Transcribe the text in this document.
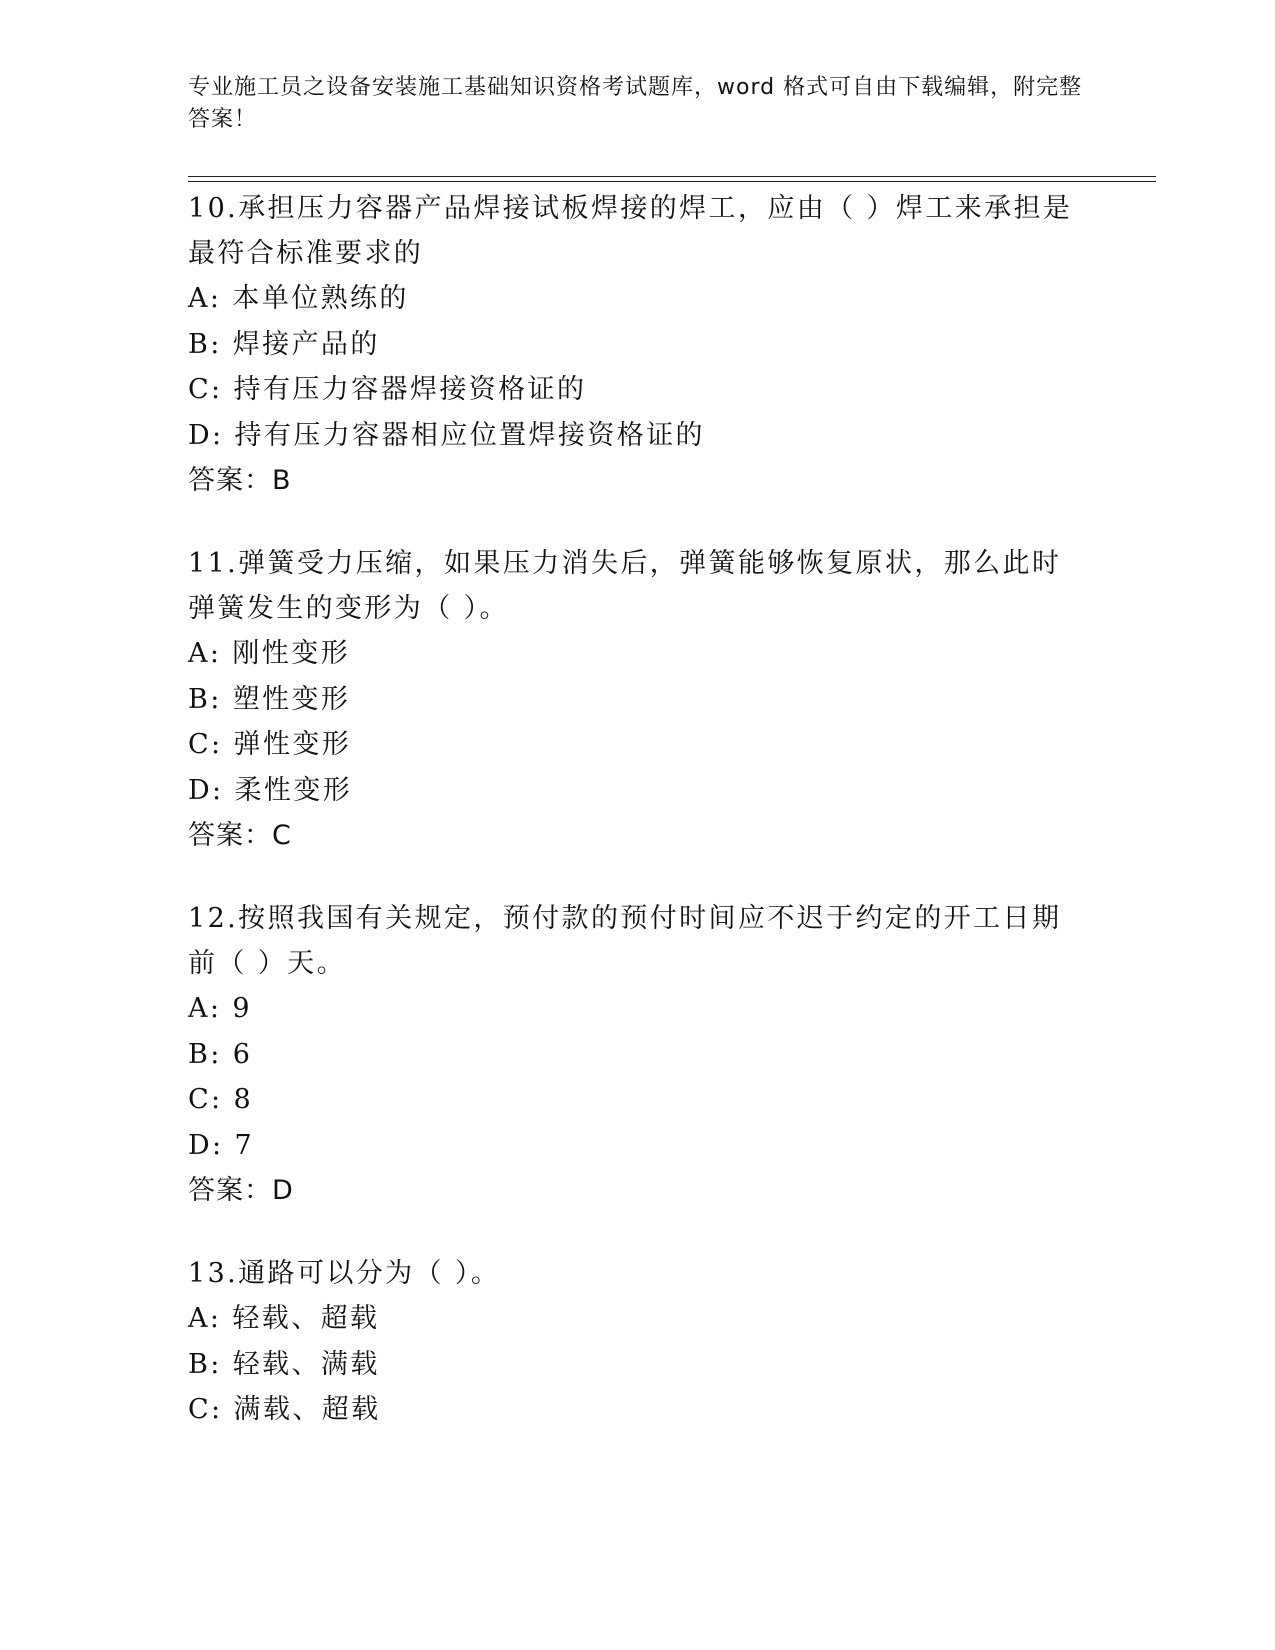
专业施工员之设备安装施工基础知识资格考试题库，word 格式可自由下载编辑，附完整答案！
10.承担压力容器产品焊接试板焊接的焊工，应由（ ）焊工来承担是最符合标准要求的
A: 本单位熟练的
B: 焊接产品的
C: 持有压力容器焊接资格证的
D: 持有压力容器相应位置焊接资格证的
答案：B
11.弹簧受力压缩，如果压力消失后，弹簧能够恢复原状，那么此时弹簧发生的变形为（ ）。
A: 刚性变形
B: 塑性变形
C: 弹性变形
D: 柔性变形
答案：C
12.按照我国有关规定，预付款的预付时间应不迟于约定的开工日期前（ ）天。
A: 9
B: 6
C: 8
D: 7
答案：D
13.通路可以分为（ ）。
A: 轻载、超载
B: 轻载、满载
C: 满载、超载
